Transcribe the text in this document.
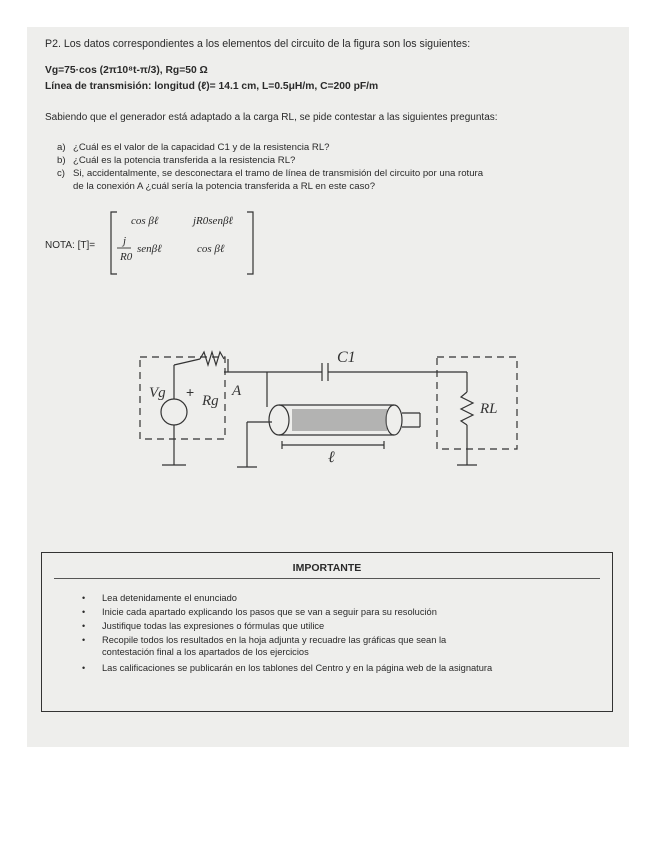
P2. Los datos correspondientes a los elementos del circuito de la figura son los siguientes:
Vg=75·cos (2π10⁸t-π/3), Rg=50 Ω
Línea de transmisión: longitud (ℓ)= 14.1 cm, L=0.5μH/m, C=200 pF/m
Sabiendo que el generador está adaptado a la carga RL, se pide contestar a las siguientes preguntas:
a) ¿Cuál es el valor de la capacidad C1 y de la resistencia RL?
b) ¿Cuál es la potencia transferida a la resistencia RL?
c) Si, accidentalmente, se desconectara el tramo de línea de transmisión del circuito por una rotura
de la conexión A ¿cuál sería la potencia transferida a RL en este caso?
NOTA: [T]=
cos βℓ	jR0senβℓ
j
R0
senβℓ	cos βℓ
Vg +
Rg
A
C1
ℓ
RL
IMPORTANTE
• Lea detenidamente el enunciado
• Inicie cada apartado explicando los pasos que se van a seguir para su resolución
• Justifique todas las expresiones o fórmulas que utilice
• Recopile todos los resultados en la hoja adjunta y recuadre las gráficas que sean la
contestación final a los apartados de los ejercicios
• Las calificaciones se publicarán en los tablones del Centro y en la página web de la asignatura
